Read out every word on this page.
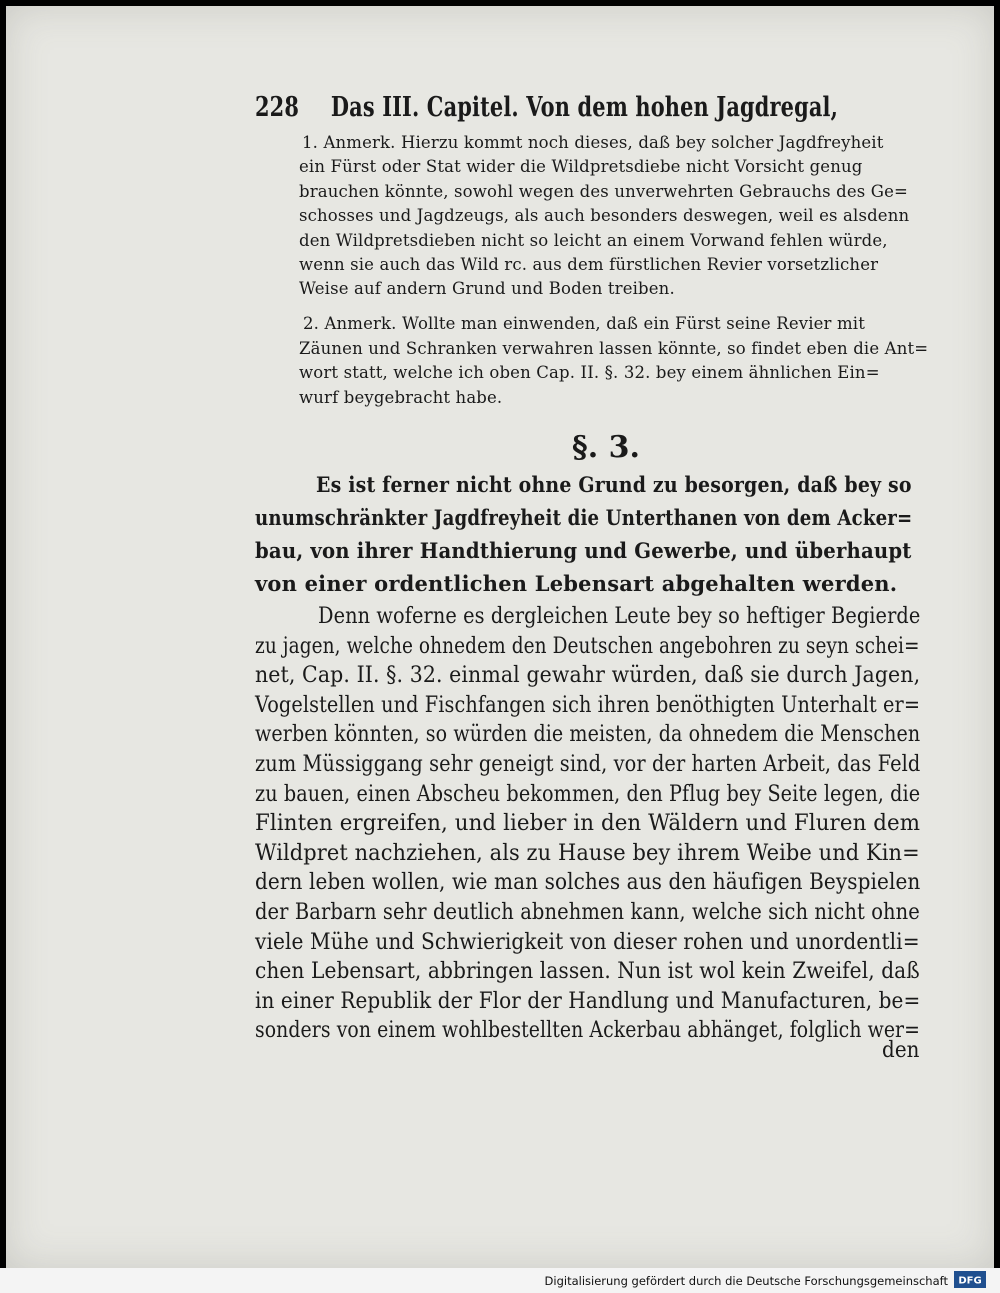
228 Das III. Capitel. Von dem hohen Jagdregal,
1. Anmerk. Hierzu kommt noch dieses, daß bey solcher Jagdfreyheit
ein Fürst oder Stat wider die Wildpretsdiebe nicht Vorsicht genug
brauchen könnte, sowohl wegen des unverwehrten Gebrauchs des Ge=
schosses und Jagdzeugs, als auch besonders deswegen, weil es alsdenn
den Wildpretsdieben nicht so leicht an einem Vorwand fehlen würde,
wenn sie auch das Wild rc. aus dem fürstlichen Revier vorsetzlicher
Weise auf andern Grund und Boden treiben.
2. Anmerk. Wollte man einwenden, daß ein Fürst seine Revier mit
Zäunen und Schranken verwahren lassen könnte, so findet eben die Ant=
wort statt, welche ich oben Cap. II. §. 32. bey einem ähnlichen Ein=
wurf beygebracht habe.
§. 3.
Es ist ferner nicht ohne Grund zu besorgen, daß bey so
unumschränkter Jagdfreyheit die Unterthanen von dem Acker=
bau, von ihrer Handthierung und Gewerbe, und überhaupt
von einer ordentlichen Lebensart abgehalten werden.
Denn woferne es dergleichen Leute bey so heftiger Begierde
zu jagen, welche ohnedem den Deutschen angebohren zu seyn schei=
net, Cap. II. §. 32. einmal gewahr würden, daß sie durch Jagen,
Vogelstellen und Fischfangen sich ihren benöthigten Unterhalt er=
werben könnten, so würden die meisten, da ohnedem die Menschen
zum Müssiggang sehr geneigt sind, vor der harten Arbeit, das Feld
zu bauen, einen Abscheu bekommen, den Pflug bey Seite legen, die
Flinten ergreifen, und lieber in den Wäldern und Fluren dem
Wildpret nachziehen, als zu Hause bey ihrem Weibe und Kin=
dern leben wollen, wie man solches aus den häufigen Beyspielen
der Barbarn sehr deutlich abnehmen kann, welche sich nicht ohne
viele Mühe und Schwierigkeit von dieser rohen und unordentli=
chen Lebensart, abbringen lassen. Nun ist wol kein Zweifel, daß
in einer Republik der Flor der Handlung und Manufacturen, be=
sonders von einem wohlbestellten Ackerbau abhänget, folglich wer=
den
Digitalisierung gefördert durch die Deutsche Forschungsgemeinschaft DFG
